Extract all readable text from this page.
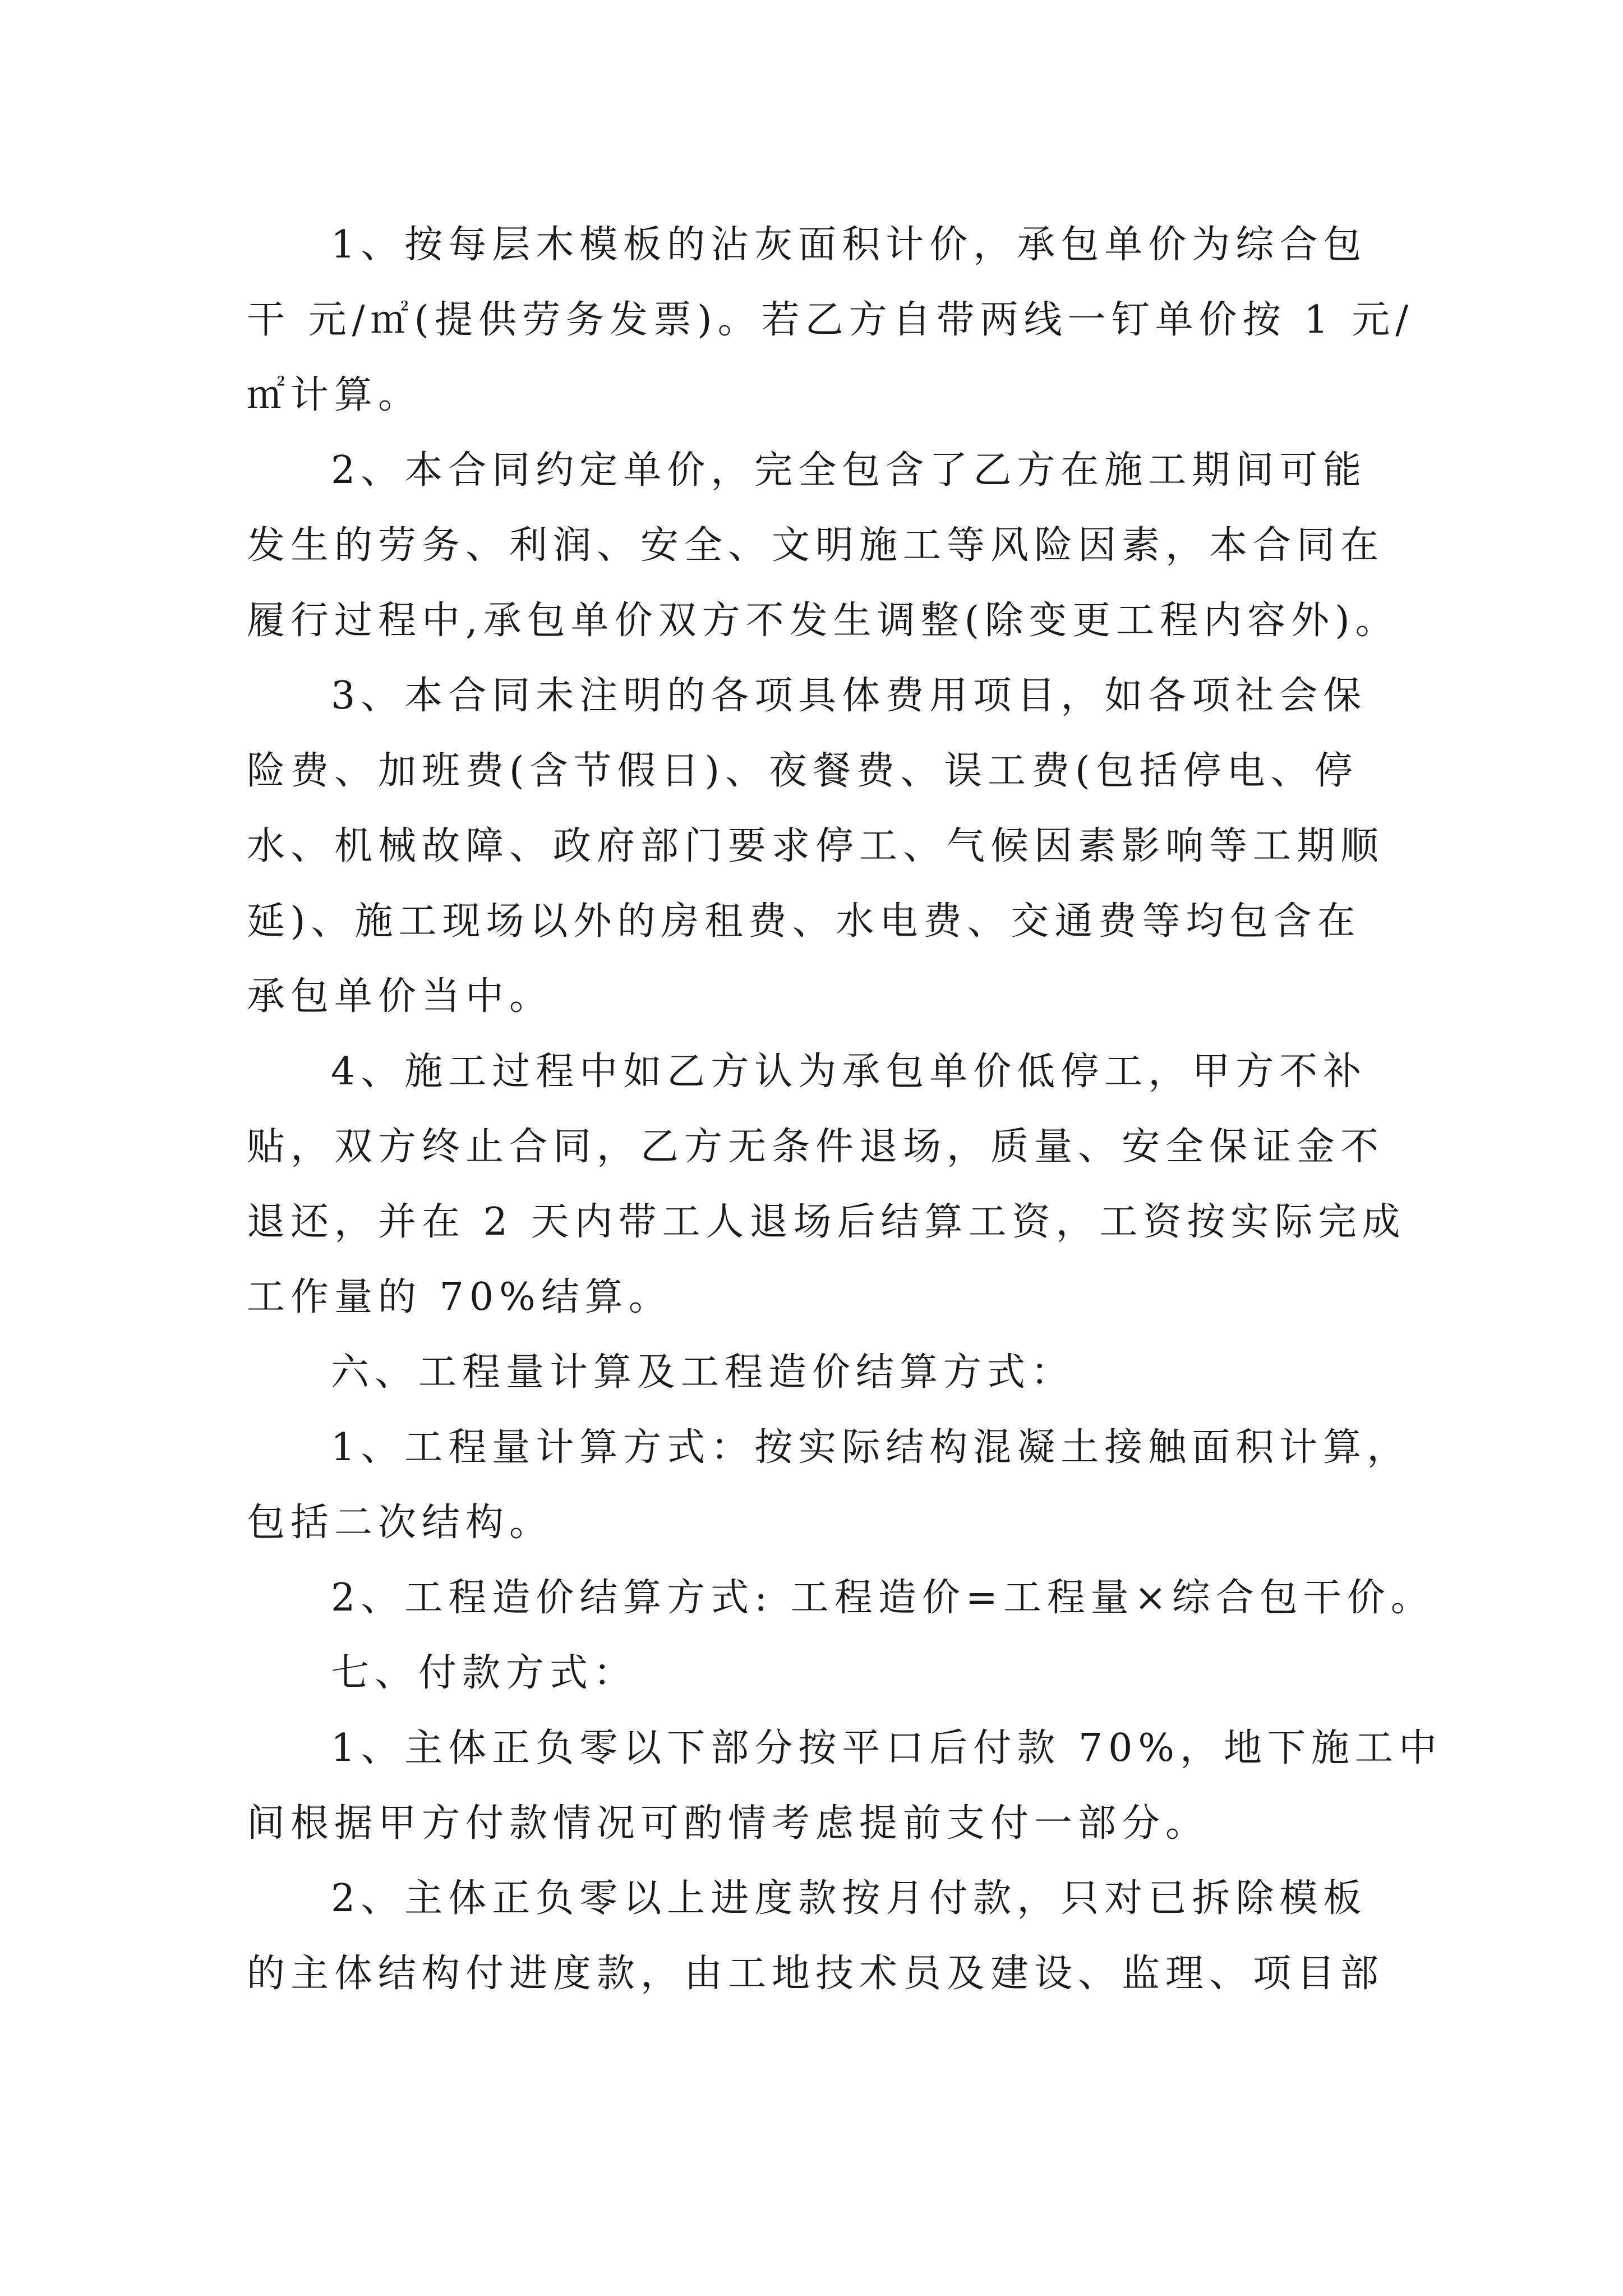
1、按每层木模板的沾灰面积计价，承包单价为综合包

干 元/㎡(提供劳务发票)。若乙方自带两线一钉单价按 1 元/

㎡计算。

2、本合同约定单价，完全包含了乙方在施工期间可能

发生的劳务、利润、安全、文明施工等风险因素，本合同在

履行过程中,承包单价双方不发生调整(除变更工程内容外)。

3、本合同未注明的各项具体费用项目，如各项社会保

险费、加班费(含节假日)、夜餐费、误工费(包括停电、停

水、机械故障、政府部门要求停工、气候因素影响等工期顺

延)、施工现场以外的房租费、水电费、交通费等均包含在

承包单价当中。

4、施工过程中如乙方认为承包单价低停工，甲方不补

贴，双方终止合同，乙方无条件退场，质量、安全保证金不

退还，并在 2 天内带工人退场后结算工资，工资按实际完成

工作量的 70%结算。

六、工程量计算及工程造价结算方式：

1、工程量计算方式：按实际结构混凝土接触面积计算，

包括二次结构。

2、工程造价结算方式: 工程造价=工程量×综合包干价。

七、付款方式：

1、主体正负零以下部分按平口后付款 70%，地下施工中

间根据甲方付款情况可酌情考虑提前支付一部分。

2、主体正负零以上进度款按月付款，只对已拆除模板

的主体结构付进度款，由工地技术员及建设、监理、项目部
